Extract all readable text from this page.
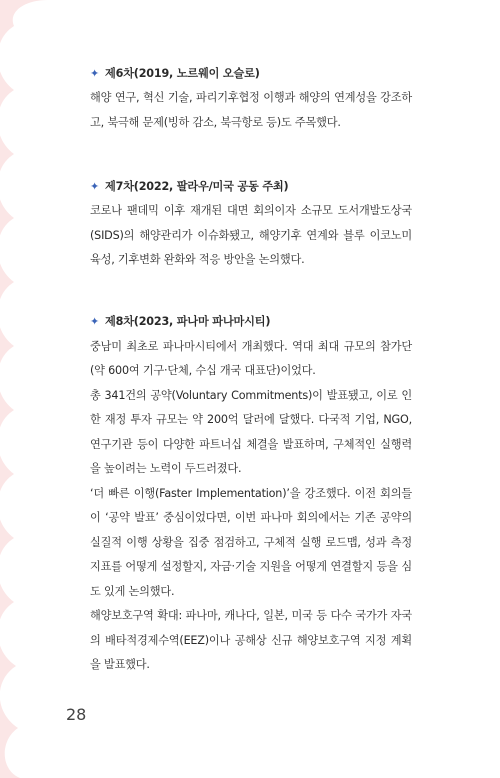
✦ 제6차(2019, 노르웨이 오슬로)
해양 연구, 혁신 기술, 파리기후협정 이행과 해양의 연계성을 강조하고, 북극해 문제(빙하 감소, 북극항로 등)도 주목했다.
✦ 제7차(2022, 팔라우/미국 공동 주최)
코로나 팬데믹 이후 재개된 대면 회의이자 소규모 도서개발도상국(SIDS)의 해양관리가 이슈화됐고, 해양기후 연계와 블루 이코노미 육성, 기후변화 완화와 적응 방안을 논의했다.
✦ 제8차(2023, 파나마 파나마시티)
중남미 최초로 파나마시티에서 개최했다. 역대 최대 규모의 참가단(약 600여 기구·단체, 수십 개국 대표단)이었다.
총 341건의 공약(Voluntary Commitments)이 발표됐고, 이로 인한 재정 투자 규모는 약 200억 달러에 달했다. 다국적 기업, NGO, 연구기관 등이 다양한 파트너십 체결을 발표하며, 구체적인 실행력을 높이려는 노력이 두드러졌다.
‘더 빠른 이행(Faster Implementation)’을 강조했다. 이전 회의들이 ‘공약 발표’ 중심이었다면, 이번 파나마 회의에서는 기존 공약의 실질적 이행 상황을 집중 점검하고, 구체적 실행 로드맵, 성과 측정 지표를 어떻게 설정할지, 자금·기술 지원을 어떻게 연결할지 등을 심도 있게 논의했다.
해양보호구역 확대: 파나마, 캐나다, 일본, 미국 등 다수 국가가 자국의 배타적경제수역(EEZ)이나 공해상 신규 해양보호구역 지정 계획을 발표했다.
28
